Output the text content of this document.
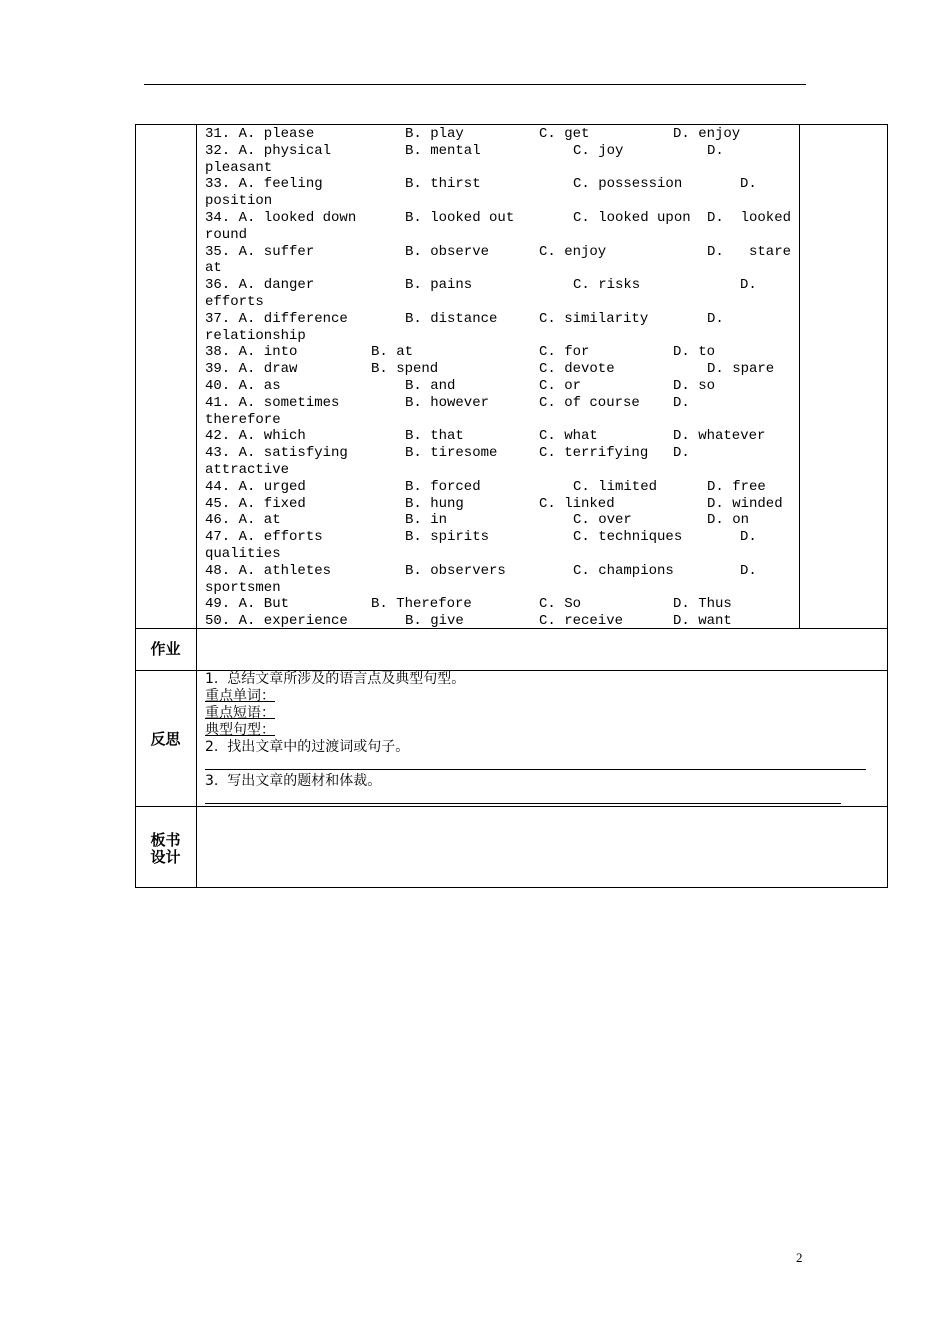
31. A. please	B. play	C. get	D. enjoy
32. A. physical	B. mental	C. joy	D.
pleasant
33. A. feeling	B. thirst	C. possession	D.
position
34. A. looked down	B. looked out	C. looked upon D.  looked
round
35. A. suffer	B. observe	C. enjoy	D.   stare
at
36. A. danger	B. pains	C. risks	D.
efforts
37. A. difference	B. distance	C. similarity	D.
relationship
38. A. into	B. at	C. for	D. to
39. A. draw	B. spend	C. devote	D. spare
40. A. as	B. and	C. or	D. so
41. A. sometimes	B. however	C. of course D.
therefore
42. A. which	B. that	C. what	D. whatever
43. A. satisfying	B. tiresome	C. terrifying D.
attractive
44. A. urged	B. forced	C. limited	D. free
45. A. fixed	B. hung	C. linked	D. winded
46. A. at	B. in	C. over	D. on
47. A. efforts	B. spirits	C. techniques	D.
qualities
48. A. athletes	B. observers	C. champions	D.
sportsmen
49. A. But	B. Therefore	C. So	D. Thus
50. A. experience	B. give	C. receive	D. want
作业
反思
1.  总结文章所涉及的语言点及典型句型。
重点单词：
重点短语：
典型句型：
2.  找出文章中的过渡词或句子。
3.  写出文章的题材和体裁。
板书
设计
2
